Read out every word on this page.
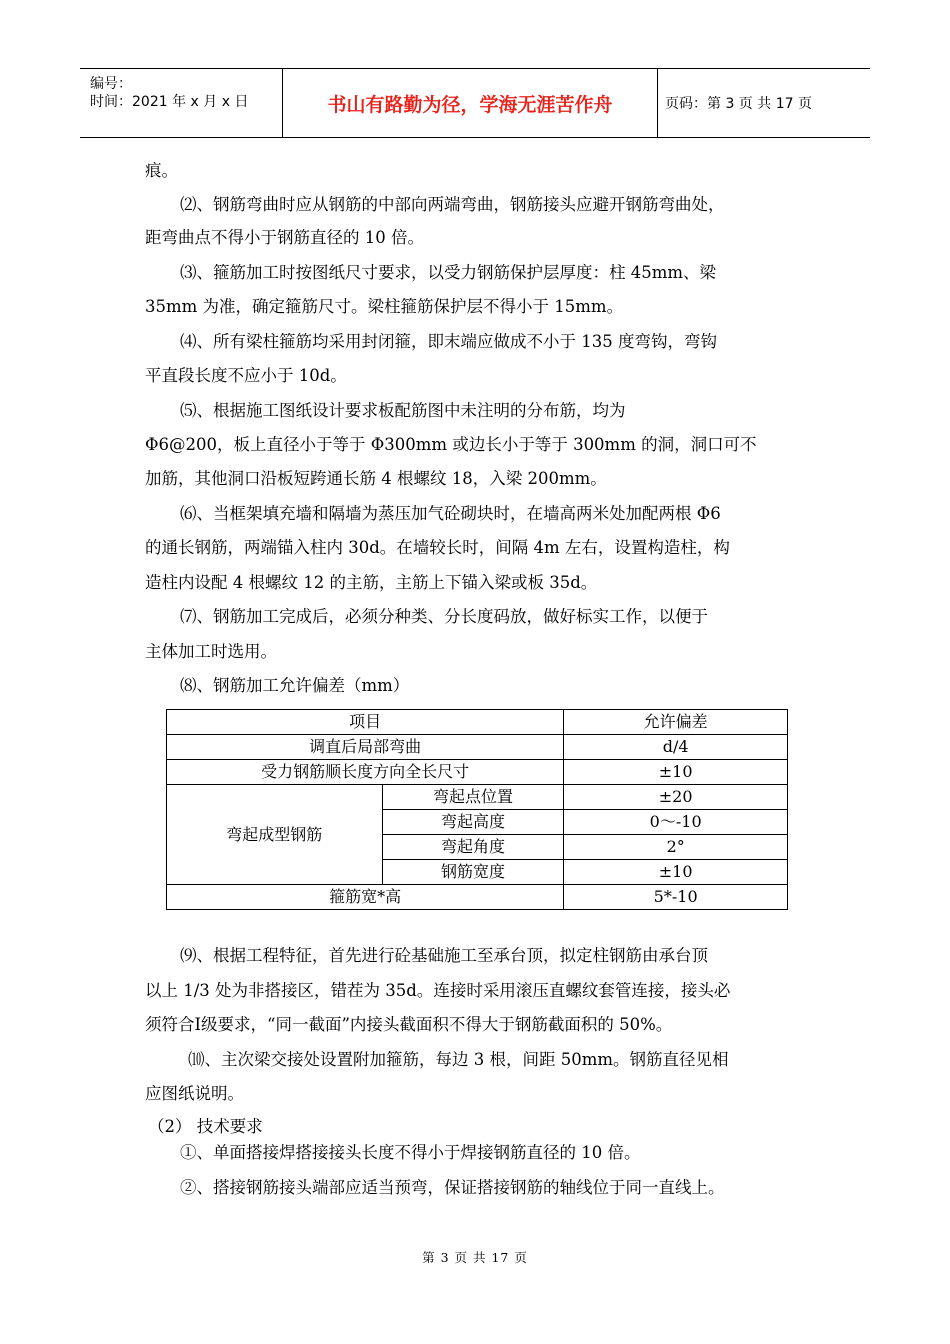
编号：
时间：2021 年 x 月 x 日	书山有路勤为径，学海无涯苦作舟	页码：第 3 页 共 17 页
痕。
⑵、钢筋弯曲时应从钢筋的中部向两端弯曲，钢筋接头应避开钢筋弯曲处，
距弯曲点不得小于钢筋直径的 10 倍。
⑶、箍筋加工时按图纸尺寸要求，以受力钢筋保护层厚度：柱 45mm、梁
35mm 为准，确定箍筋尺寸。梁柱箍筋保护层不得小于 15mm。
⑷、所有梁柱箍筋均采用封闭箍，即末端应做成不小于 135 度弯钩，弯钩
平直段长度不应小于 10d。
⑸、根据施工图纸设计要求板配筋图中未注明的分布筋，均为
Φ6@200，板上直径小于等于 Φ300mm 或边长小于等于 300mm 的洞，洞口可不
加筋，其他洞口沿板短跨通长筋 4 根螺纹 18，入梁 200mm。
⑹、当框架填充墙和隔墙为蒸压加气砼砌块时，在墙高两米处加配两根 Φ6
的通长钢筋，两端锚入柱内 30d。在墙较长时，间隔 4m 左右，设置构造柱，构
造柱内设配 4 根螺纹 12 的主筋，主筋上下锚入梁或板 35d。
⑺、钢筋加工完成后，必须分种类、分长度码放，做好标实工作，以便于
主体加工时选用。
⑻、钢筋加工允许偏差（mm）
项目		允许偏差
调直后局部弯曲		d/4
受力钢筋顺长度方向全长尺寸		±10
弯起成型钢筋	弯起点位置	±20
	弯起高度	0～-10
	弯起角度	2°
	钢筋宽度	±10
箍筋宽*高		5*-10
⑼、根据工程特征，首先进行砼基础施工至承台顶，拟定柱钢筋由承台顶
以上 1/3 处为非搭接区，错茬为 35d。连接时采用滚压直螺纹套管连接，接头必
须符合Ⅰ级要求，“同一截面”内接头截面积不得大于钢筋截面积的 50%。
⑽、主次梁交接处设置附加箍筋，每边 3 根，间距 50mm。钢筋直径见相
应图纸说明。
（2） 技术要求
①、单面搭接焊搭接接头长度不得小于焊接钢筋直径的 10 倍。
②、搭接钢筋接头端部应适当预弯，保证搭接钢筋的轴线位于同一直线上。
第 3 页 共 17 页
